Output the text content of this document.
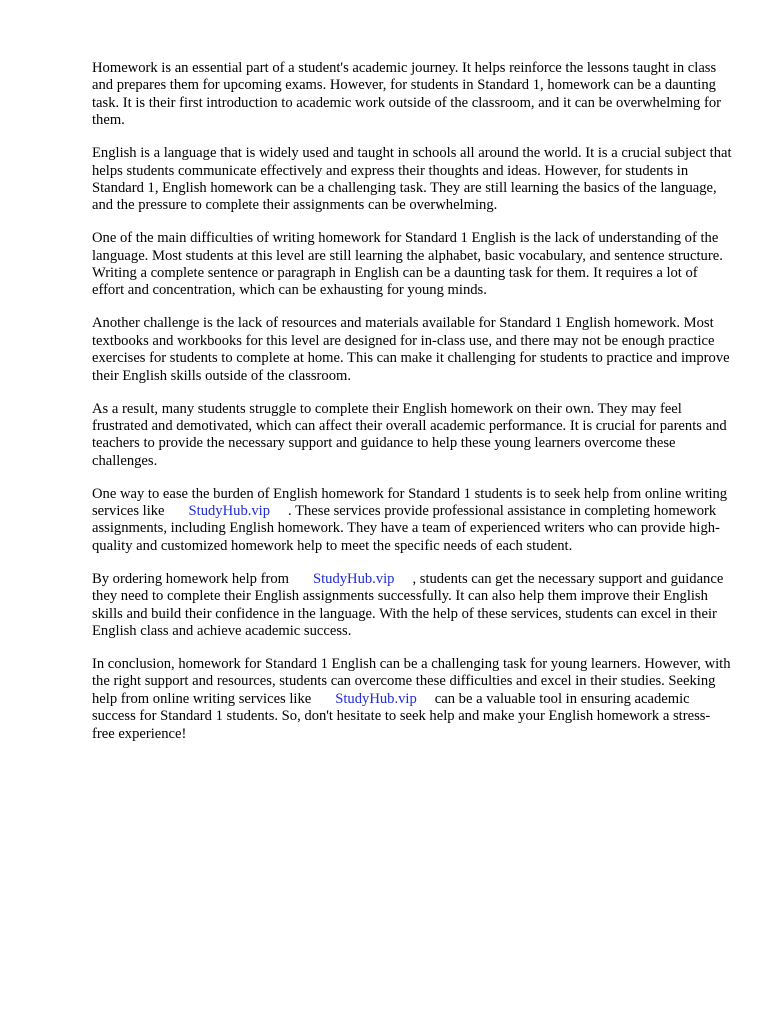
Homework is an essential part of a student's academic journey. It helps reinforce the lessons taught in class and prepares them for upcoming exams. However, for students in Standard 1, homework can be a daunting task. It is their first introduction to academic work outside of the classroom, and it can be overwhelming for them.

English is a language that is widely used and taught in schools all around the world. It is a crucial subject that helps students communicate effectively and express their thoughts and ideas. However, for students in Standard 1, English homework can be a challenging task. They are still learning the basics of the language, and the pressure to complete their assignments can be overwhelming.

One of the main difficulties of writing homework for Standard 1 English is the lack of understanding of the language. Most students at this level are still learning the alphabet, basic vocabulary, and sentence structure. Writing a complete sentence or paragraph in English can be a daunting task for them. It requires a lot of effort and concentration, which can be exhausting for young minds.

Another challenge is the lack of resources and materials available for Standard 1 English homework. Most textbooks and workbooks for this level are designed for in-class use, and there may not be enough practice exercises for students to complete at home. This can make it challenging for students to practice and improve their English skills outside of the classroom.

As a result, many students struggle to complete their English homework on their own. They may feel frustrated and demotivated, which can affect their overall academic performance. It is crucial for parents and teachers to provide the necessary support and guidance to help these young learners overcome these challenges.

One way to ease the burden of English homework for Standard 1 students is to seek help from online writing services like StudyHub.vip . These services provide professional assistance in completing homework assignments, including English homework. They have a team of experienced writers who can provide high-quality and customized homework help to meet the specific needs of each student.

By ordering homework help from StudyHub.vip , students can get the necessary support and guidance they need to complete their English assignments successfully. It can also help them improve their English skills and build their confidence in the language. With the help of these services, students can excel in their English class and achieve academic success.

In conclusion, homework for Standard 1 English can be a challenging task for young learners. However, with the right support and resources, students can overcome these difficulties and excel in their studies. Seeking help from online writing services like StudyHub.vip can be a valuable tool in ensuring academic success for Standard 1 students. So, don't hesitate to seek help and make your English homework a stress-free experience!
